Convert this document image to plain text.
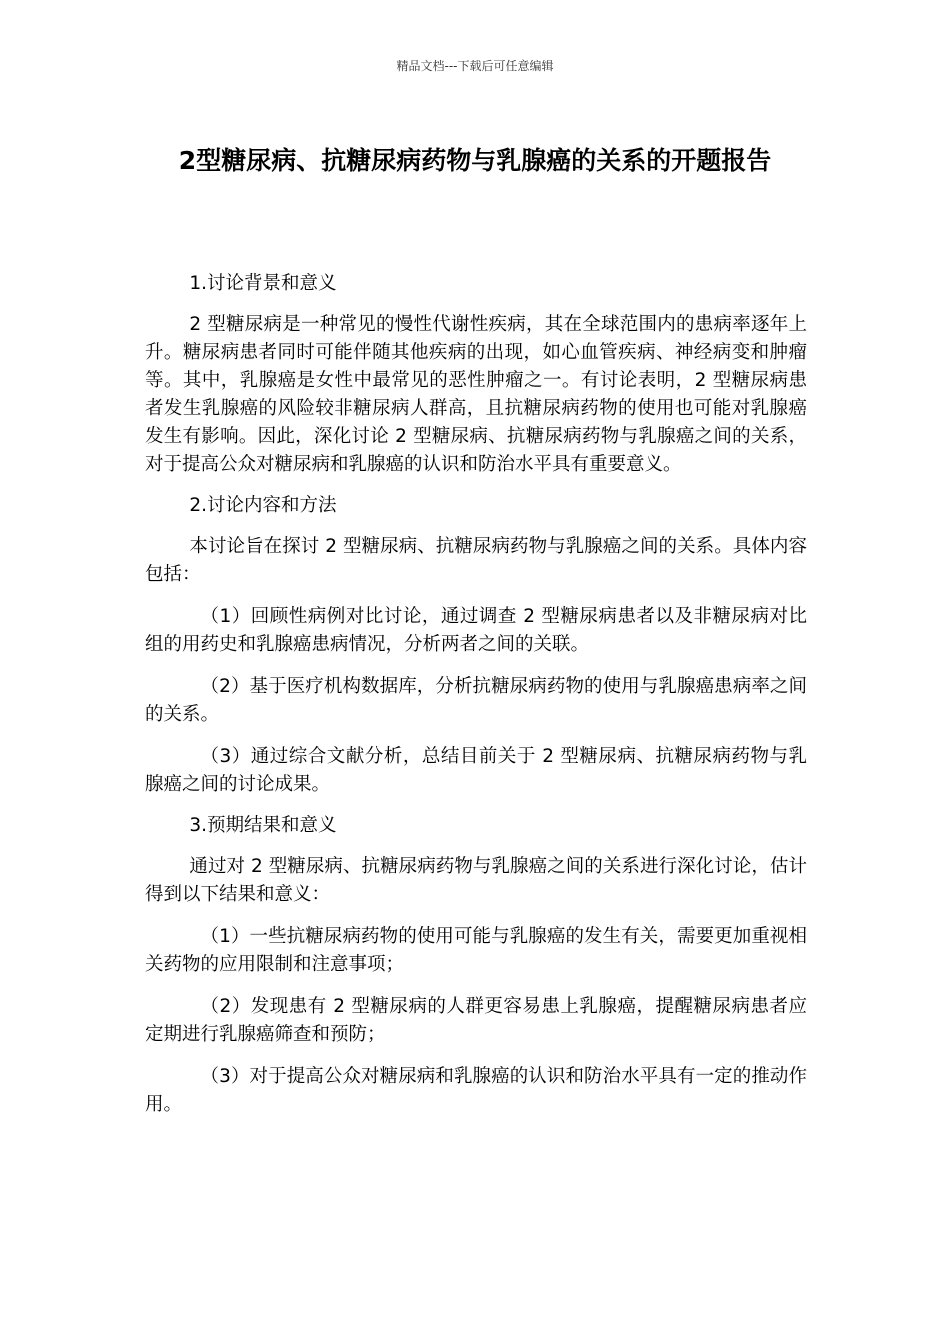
精品文档---下载后可任意编辑
2型糖尿病、抗糖尿病药物与乳腺癌的关系的开题报告

1.讨论背景和意义

2 型糖尿病是一种常见的慢性代谢性疾病，其在全球范围内的患病率逐年上升。糖尿病患者同时可能伴随其他疾病的出现，如心血管疾病、神经病变和肿瘤等。其中，乳腺癌是女性中最常见的恶性肿瘤之一。有讨论表明，2 型糖尿病患者发生乳腺癌的风险较非糖尿病人群高，且抗糖尿病药物的使用也可能对乳腺癌发生有影响。因此，深化讨论 2 型糖尿病、抗糖尿病药物与乳腺癌之间的关系，对于提高公众对糖尿病和乳腺癌的认识和防治水平具有重要意义。

2.讨论内容和方法

本讨论旨在探讨 2 型糖尿病、抗糖尿病药物与乳腺癌之间的关系。具体内容包括：

（1）回顾性病例对比讨论，通过调查 2 型糖尿病患者以及非糖尿病对比组的用药史和乳腺癌患病情况，分析两者之间的关联。

（2）基于医疗机构数据库，分析抗糖尿病药物的使用与乳腺癌患病率之间的关系。

（3）通过综合文献分析，总结目前关于 2 型糖尿病、抗糖尿病药物与乳腺癌之间的讨论成果。

3.预期结果和意义

通过对 2 型糖尿病、抗糖尿病药物与乳腺癌之间的关系进行深化讨论，估计得到以下结果和意义：

（1）一些抗糖尿病药物的使用可能与乳腺癌的发生有关，需要更加重视相关药物的应用限制和注意事项；

（2）发现患有 2 型糖尿病的人群更容易患上乳腺癌，提醒糖尿病患者应定期进行乳腺癌筛查和预防；

（3）对于提高公众对糖尿病和乳腺癌的认识和防治水平具有一定的推动作用。
